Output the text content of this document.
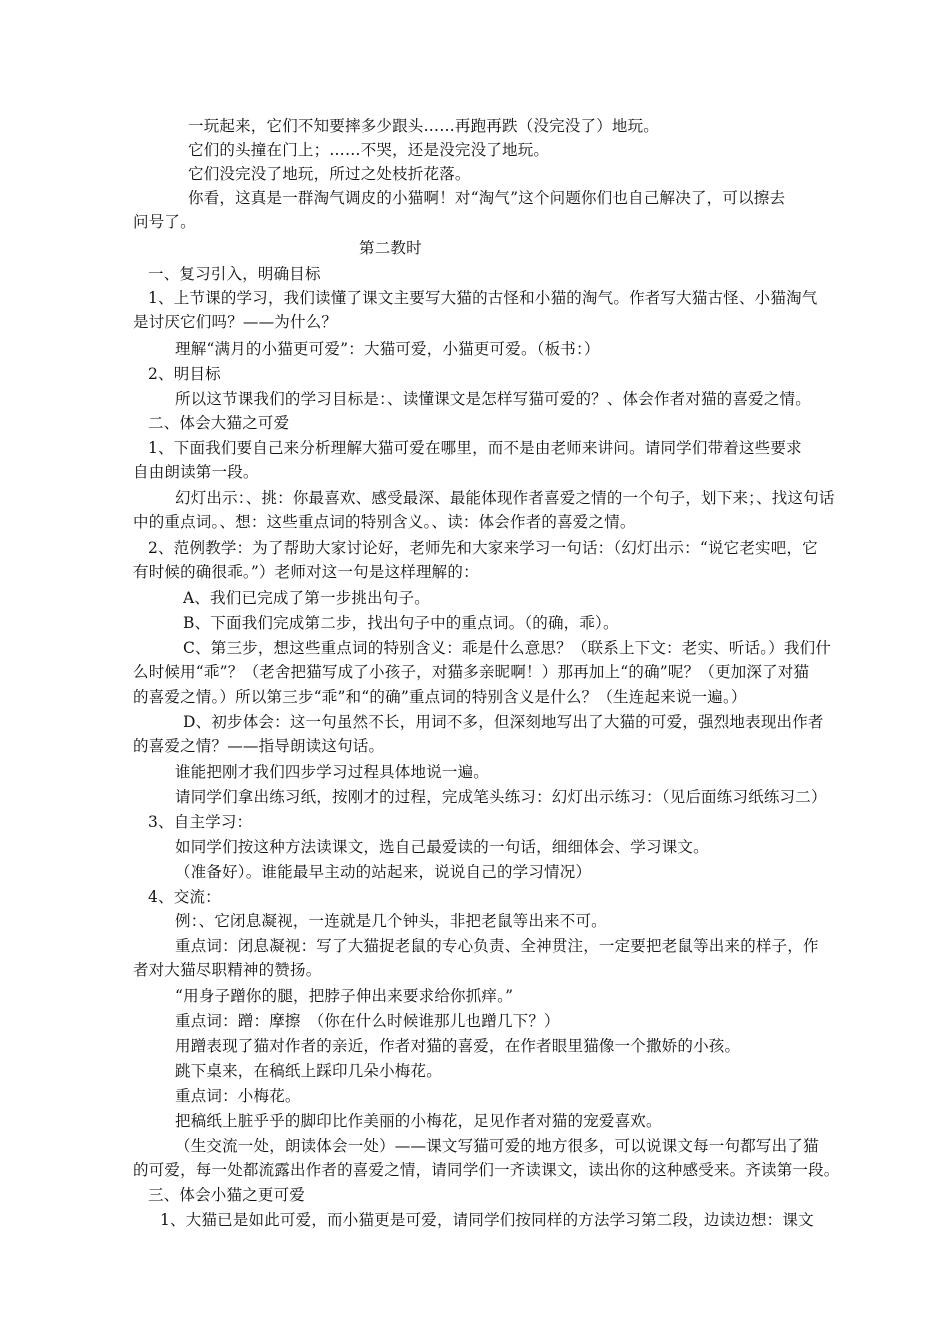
一玩起来，它们不知要摔多少跟头……再跑再跌（没完没了）地玩。
它们的头撞在门上；……不哭，还是没完没了地玩。
它们没完没了地玩，所过之处枝折花落。
你看，这真是一群淘气调皮的小猫啊！对“淘气”这个问题你们也自己解决了，可以擦去
问号了。
第二教时
一、复习引入，明确目标
1、上节课的学习，我们读懂了课文主要写大猫的古怪和小猫的淘气。作者写大猫古怪、小猫淘气
是讨厌它们吗？——为什么？
理解“满月的小猫更可爱”：大猫可爱，小猫更可爱。（板书：）
2、明目标
所以这节课我们的学习目标是：、读懂课文是怎样写猫可爱的？、体会作者对猫的喜爱之情。
二、体会大猫之可爱
1、下面我们要自己来分析理解大猫可爱在哪里，而不是由老师来讲问。请同学们带着这些要求
自由朗读第一段。
幻灯出示：、挑：你最喜欢、感受最深、最能体现作者喜爱之情的一个句子，划下来；、找这句话
中的重点词。、想：这些重点词的特别含义。、读：体会作者的喜爱之情。
2、范例教学：为了帮助大家讨论好，老师先和大家来学习一句话：（幻灯出示：“说它老实吧，它
有时候的确很乖。”）老师对这一句是这样理解的：
A、我们已完成了第一步挑出句子。
B、下面我们完成第二步，找出句子中的重点词。（的确，乖）。
C、第三步，想这些重点词的特别含义：乖是什么意思？（联系上下文：老实、听话。）我们什
么时候用“乖”？（老舍把猫写成了小孩子，对猫多亲昵啊！）那再加上“的确”呢？（更加深了对猫
的喜爱之情。）所以第三步“乖”和“的确”重点词的特别含义是什么？（生连起来说一遍。）
D、初步体会：这一句虽然不长，用词不多，但深刻地写出了大猫的可爱，强烈地表现出作者
的喜爱之情？——指导朗读这句话。
谁能把刚才我们四步学习过程具体地说一遍。
请同学们拿出练习纸，按刚才的过程，完成笔头练习：幻灯出示练习：（见后面练习纸练习二）
3、自主学习：
如同学们按这种方法读课文，选自己最爱读的一句话，细细体会、学习课文。
（准备好）。谁能最早主动的站起来，说说自己的学习情况）
4、交流：
例：、它闭息凝视，一连就是几个钟头，非把老鼠等出来不可。
重点词：闭息凝视：写了大猫捉老鼠的专心负责、全神贯注，一定要把老鼠等出来的样子，作
者对大猫尽职精神的赞扬。
“用身子蹭你的腿，把脖子伸出来要求给你抓痒。”
重点词：蹭：摩擦　（你在什么时候谁那儿也蹭几下？）
用蹭表现了猫对作者的亲近，作者对猫的喜爱，在作者眼里猫像一个撒娇的小孩。
跳下桌来，在稿纸上踩印几朵小梅花。
重点词：小梅花。
把稿纸上脏乎乎的脚印比作美丽的小梅花，足见作者对猫的宠爱喜欢。
（生交流一处，朗读体会一处）——课文写猫可爱的地方很多，可以说课文每一句都写出了猫
的可爱，每一处都流露出作者的喜爱之情，请同学们一齐读课文，读出你的这种感受来。齐读第一段。
三、体会小猫之更可爱
1、大猫已是如此可爱，而小猫更是可爱，请同学们按同样的方法学习第二段，边读边想：课文
